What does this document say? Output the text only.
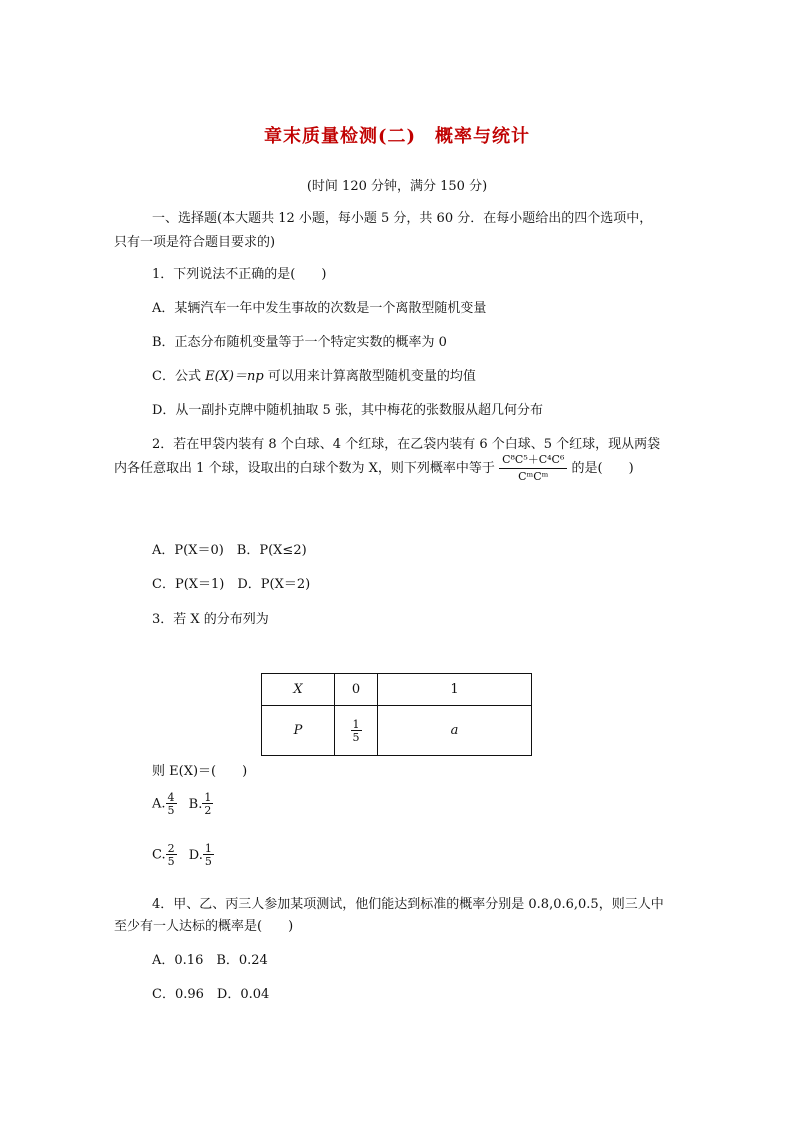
章末质量检测(二)　概率与统计
(时间 120 分钟，满分 150 分)
一、选择题(本大题共 12 小题，每小题 5 分，共 60 分．在每小题给出的四个选项中，
只有一项是符合题目要求的)
1．下列说法不正确的是(　　)
A．某辆汽车一年中发生事故的次数是一个离散型随机变量
B．正态分布随机变量等于一个特定实数的概率为 0
C．公式 E(X)＝np 可以用来计算离散型随机变量的均值
D．从一副扑克牌中随机抽取 5 张，其中梅花的张数服从超几何分布
2．若在甲袋内装有 8 个白球、4 个红球，在乙袋内装有 6 个白球、5 个红球，现从两袋
内各任意取出 1 个球，设取出的白球个数为 X，则下列概率中等于 $\frac{\text{C⁸C⁵＋C⁴C⁶}}{\text{CᵐCᵐ}}$ 的是(　　)
A．P(X＝0)　B．P(X≤2)
C．P(X＝1)　D．P(X＝2)
3．若 X 的分布列为
X	0	1
P	$\frac{1}{5}$	a
则 E(X)＝(　　)
A. $\frac{4}{5} B$. $\frac{1}{2}$
C. $\frac{2}{5} D$. $\frac{1}{5}$
4．甲、乙、丙三人参加某项测试，他们能达到标准的概率分别是 0.8,0.6,0.5，则三人中
至少有一人达标的概率是(　　)
A．0.16　B．0.24
C．0.96　D．0.04
